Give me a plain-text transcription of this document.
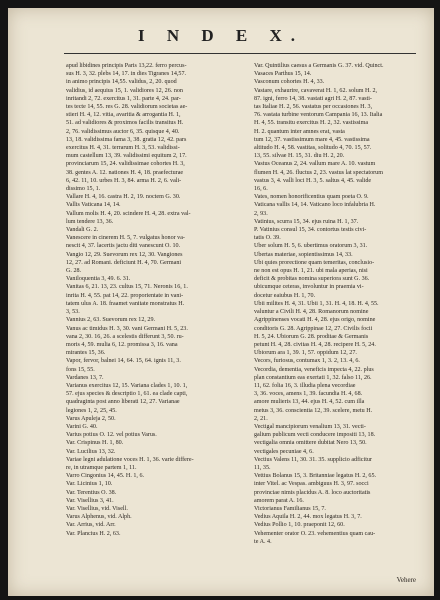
I N D E X.
apud libidines principis Paris 13,22. ferro percus-
sus H. 3, 32. plebs 14, 17. in dies Tigranes 14,57.
in animo principis 14,55. validus, 2, 20. quod
validius, id aequius 15, 1. validiores 12, 26. non
inritandi 2, 72. exercitus 1, 31. parte 4, 24. par-
tes tecte 14, 55. res G. 28. validiorum societas ae-
stieri H. 4, 12. vitia, avaritia & arrogantia H. 1,
51. ad validiores & proximos facilis transitus H.
2, 76. validissimus auctor 6, 35. quisque 4, 40.
13, 18. validissima fama 3, 38. gratia 12, 42. pars
exercitus H. 4, 31. terrarum H. 3, 53. validissi-
mum castellum 13, 39. validissimi equitum 2, 17.
provinciarum 15, 24. validissimae cohortes H. 3,
38. gentes A. 12. nationes H. 4, 18. praefecturae
6, 42. 11, 10. urbes H. 3, 84. arma H. 2, 6. vali-
dissimo 15, 1.
Vallare H. 4, 16. castra H. 2, 19. noctem G. 30.
Vallis Vaticana 14, 14.
Vallum molis H. 4, 20. scindere H. 4, 28. extra val-
lum tendere 13, 36.
Vandali G. 2.
Vanescere in cinerem H. 5, 7. vulgatus honor va-
nescit 4, 37. lacertis jactu diti vanescunt O. 10.
Vangio 12, 29. Suevorum rex 12, 30. Vangiones
12, 27. ad Romani. deficiunt H. 4, 70. Germani
G. 28.
Vaniloquentia 3, 49. 6. 31.
Vanitas 6, 21. 13, 23. cultus 15, 71. Neronis 16, 1.
inrita H. 4, 55. pat 14, 22. proporientate in vani-
tatem ulus A. 18. fraamet vanitate monstratus H.
3, 53.
Vannius 2, 63. Suevorum rex 12, 29.
Vanus ac timidus H. 3, 30. vani Germani H. 5, 23.
vana 2, 30. 16, 26. a scelestis differunt 3, 50. ru-
moris 4, 59. mulia 6, 12. promissa 3, 16. vana
mirantes 15, 36.
Vapor, fervor, balnei 14, 64. 15, 64. ignis 11, 3.
fons 15, 55.
Vardanes 13, 7.
Varianus exercitus 12, 15. Variana clades 1, 10. 1,
57. ejus species & descriptio 1, 61. ea clade capti,
quadraginta post anno liberati 12, 27. Varianae
legiones 1, 2, 25, 45.
Varus Apuleja 2, 50.
Varini G. 40.
Varius potius O. 12. vel potius Varus.
Var. Crispinus H. 1, 80.
Var. Lucilius 13, 32.
Variae legni adulatione voces H. 1, 36. varie differe-
re, in utramque partem 1, 11.
Varro Cingonius 14, 45. H. 1, 6.
Var. Licinius 1, 10.
Var. Terentius O. 38.
Var. Visellius 3, 41.
Var. Visellius, vid. Visell.
Varus Alphenus, vid. Alph.
Var. Arrius, vid. Arr.
Var. Plancius H. 2, 63.
Var. Quintilius caesus a Germanis G. 37. vid. Quinct.
Vasaces Parthus 15, 14.
Vasconum cohortes H. 4, 33.
Vastare, exhaurire, cavaverat H. 1, 62. solum H. 2,
87. igni, ferro 14, 38. vastati agri H. 2, 87. vasti-
tas Italiae H. 2, 56. vastatus per occasiones H. 3,
76. vastata turbine ventorum Campania 16, 13. Italia
H. 4, 55. transitu exercitus H. 2, 32. vastissima
H. 2. quantum inter amnes erat, vasta
tum 12, 37. vastissimum mare 4, 45. vastissima
altitudo H. 4, 58. vastitas, solitudo 4, 70. 15, 57.
13, 55. silvae H. 15, 31. diu H. 2, 20.
Vastus Oceanus 2, 24. vallum mare A. 10. vastum
flumen H. 4, 26. fluctus 2, 23. vastus lat spectatorum
vastus 3, 4. valli loci H. 3, 5. saltus 4, 45. valide
16, 6.
Vates, nomen honorificentius quam poeta O. 9.
Vaticana vallis 14, 14. Vaticano loco infalubria H.
2, 93.
Vatinius, scurra 15, 34. ejus ruina H. 1, 37.
P. Vatinius consul 15, 34. contortus testis civi-
tatis O. 39.
Uber solum H. 5, 6. ubertimus oratorum 3, 31.
Ubertas materiae, sopientissimus 14, 33.
Ubi quies prorectione quam temeritas, conclusio-
ne non est opus H. 1, 21. ubi mala aperias, nisi
deficit & probitas nomina superiora sunt G. 36.
ubicumque ceteras, involuntur in praemia vi-
docetur eaiubus H. 1, 70.
Ubii milites H. 4, 31. Ubii 1, 31. H. 4, 18. H. 4, 55.
valuntur a Civili H. 4, 28. Romanorum nomine
Agrippinenses vocati H. 4, 28. ejus origo, nomine
conditoris G. 28. Agrippinae 12, 27. Civilis focii
H. 5, 24. Ubiorum G. 28. proditae & Germanis
petunt H. 4, 28. civitas H. 4, 28. recipere H. 5, 24.
Ubiorum ara 1, 39. 1, 57. oppidum 12, 27.
Vecors, furiosus, contumax 1, 3. 2, 13. 4, 6.
Vecordia, dementia, veneficis impecta 4, 22. plus
plan constantium eas exertati 1, 32. falso 11, 26.
11, 62. folia 16, 3. illudia plena vecordiae
3, 36. voces, amens 1, 39. facundia H. 4, 68.
amore mulieris 13, 44. ejus H. 4, 52. cum illa
metus 3, 36. conscientia 12, 39. scelere, metu H.
2, 21.
Vectigal mancipiorum venalium 13, 31. vecti-
galium publicum vecti conducere impositi 13, 18.
vectigalia omnia omittere dubitat Nero 13, 50.
vectigales pecuniae 4, 6.
Vectius Valens 11, 30. 31. 35. supplicio adficitur
11, 35.
Vettius Bolanus 15, 3. Britanniae legatus H. 2, 65.
inter Vitel. ac Vespas. ambiguus H. 3, 97. socci
provinciae nimis placidus A. 8. loco auctoritatis
amorem parat A. 16.
Victorianus Familianus 15, 7.
Vedius Aquila H. 2, 44. mox legatus H. 3, 7.
Vedius Pollio 1, 10. praeponit 12, 60.
Vehementer orator O. 23. vehementius quam cau-
te A. 4.
Vehere
